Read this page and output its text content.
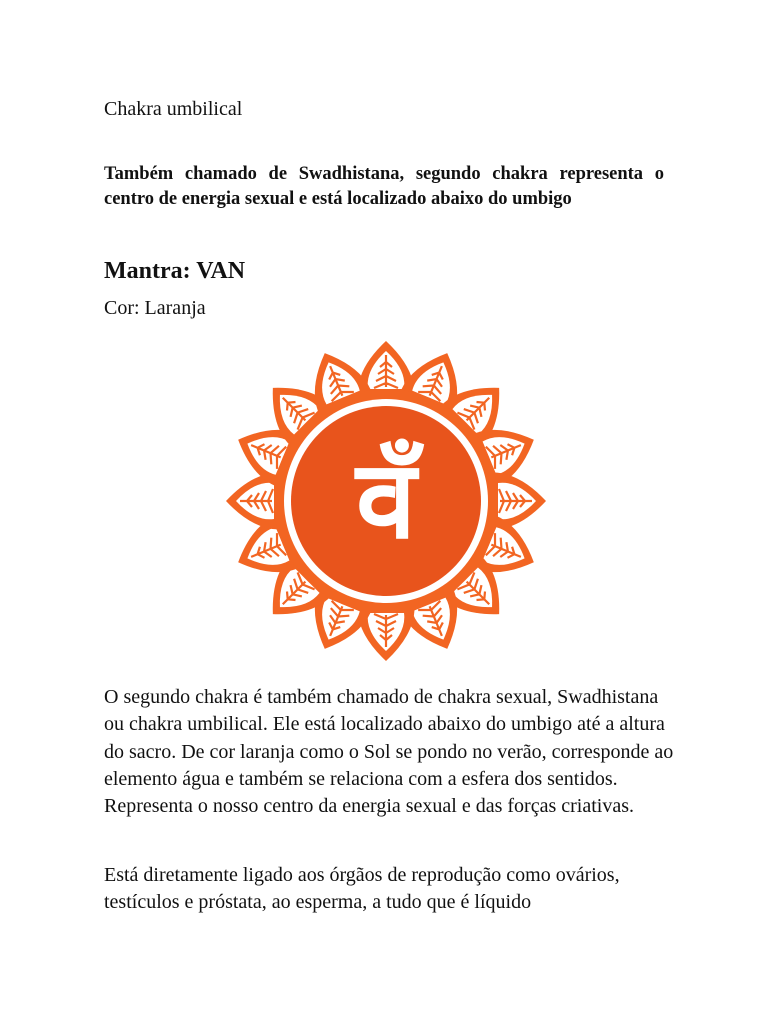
Chakra umbilical

Também chamado de Swadhistana, segundo chakra representa o centro de energia sexual e está localizado abaixo do umbigo

Mantra: VAN

Cor: Laranja

वँ

O segundo chakra é também chamado de chakra sexual, Swadhistana ou chakra umbilical. Ele está localizado abaixo do umbigo até a altura do sacro. De cor laranja como o Sol se pondo no verão, corresponde ao elemento água e também se relaciona com a esfera dos sentidos. Representa o nosso centro da energia sexual e das forças criativas.

Está diretamente ligado aos órgãos de reprodução como ovários, testículos e próstata, ao esperma, a tudo que é líquido
